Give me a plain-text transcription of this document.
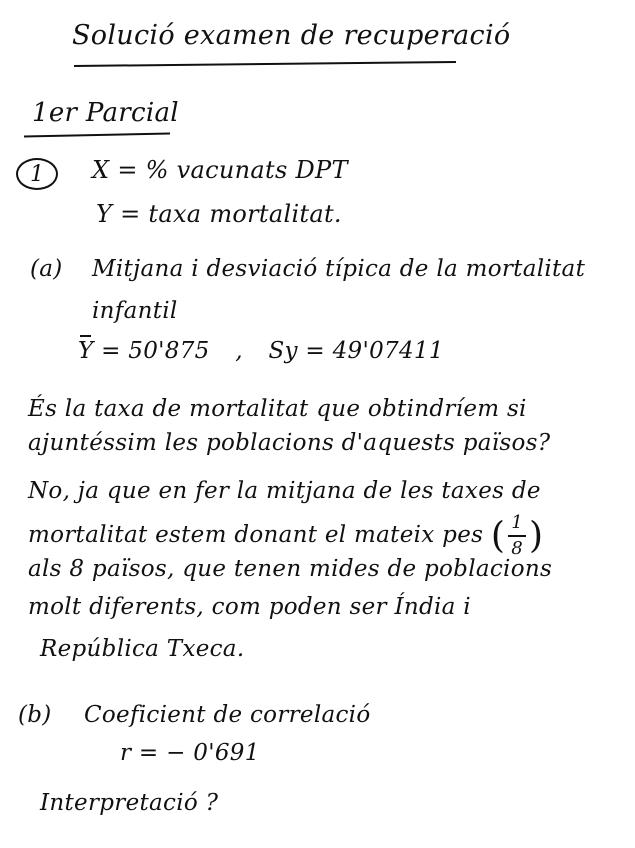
Solució examen de recuperació
1er Parcial
1 X = % vacunats DPT
Y = taxa mortalitat.
(a) Mitjana i desviació típica de la mortalitat
infantil
Y = 50'875 , Sy = 49'07411
És la taxa de mortalitat que obtindríem si
ajuntéssim les poblacions d'aquests països?
No, ja que en fer la mitjana de les taxes de
mortalitat estem donant el mateix pes ( $\frac{1}{8}$ )
als 8 països, que tenen mides de poblacions
molt diferents, com poden ser Índia i
República Txeca.
(b) Coeficient de correlació
r = − 0'691
Interpretació ?
